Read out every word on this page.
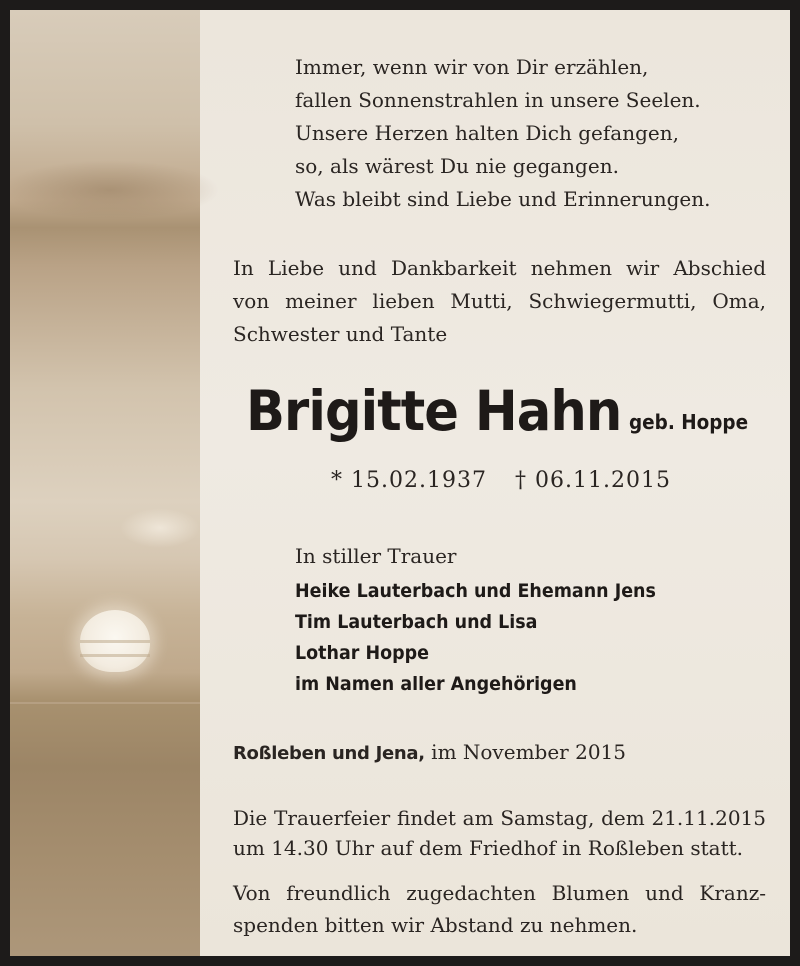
Immer, wenn wir von Dir erzählen,
fallen Sonnenstrahlen in unsere Seelen.
Unsere Herzen halten Dich gefangen,
so, als wärest Du nie gegangen.
Was bleibt sind Liebe und Erinnerungen.
In Liebe und Dankbarkeit nehmen wir Abschied
von meiner lieben Mutti, Schwiegermutti, Oma,
Schwester und Tante
Brigitte Hahn geb. Hoppe
* 15.02.1937 † 06.11.2015
In stiller Trauer
Heike Lauterbach und Ehemann Jens
Tim Lauterbach und Lisa
Lothar Hoppe
im Namen aller Angehörigen
Roßleben und Jena, im November 2015
Die Trauerfeier findet am Samstag, dem 21.11.2015
um 14.30 Uhr auf dem Friedhof in Roßleben statt.
Von freundlich zugedachten Blumen und Kranz-
spenden bitten wir Abstand zu nehmen.
